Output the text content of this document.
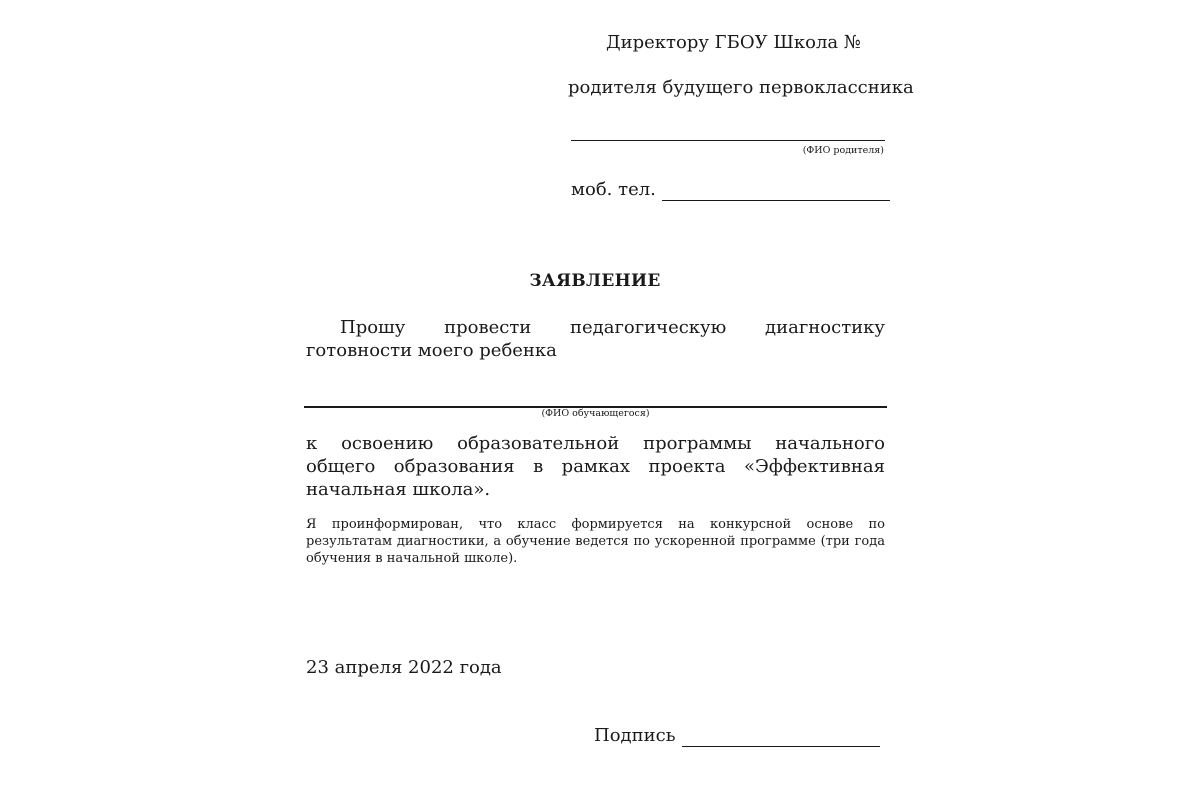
Директору ГБОУ Школа №
родителя будущего первоклассника
(ФИО родителя)
моб. тел.
ЗАЯВЛЕНИЕ
Прошу провести педагогическую диагностику готовности моего ребенка
(ФИО обучающегося)
к освоению образовательной программы начального общего образования в рамках проекта «Эффективная начальная школа».
Я проинформирован, что класс формируется на конкурсной основе по результатам диагностики, а обучение ведется по ускоренной программе (три года обучения в начальной школе).
23 апреля 2022 года
Подпись
